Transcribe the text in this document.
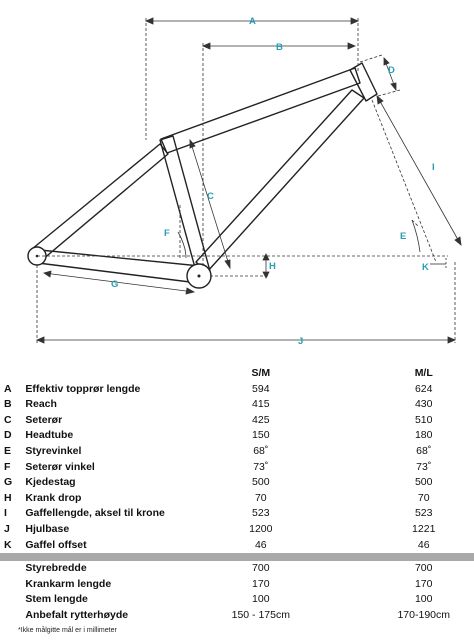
A
B
C
D
E
F
G
H
I
J
K
		S/M		M/L
A	Effektiv topprør lengde	594		624
B	Reach	415		430
C	Seterør	425		510
D	Headtube	150		180
E	Styrevinkel	68˚		68˚
F	Seterør vinkel	73˚		73˚
G	Kjedestag	500		500
H	Krank drop	70		70
I	Gaffellengde, aksel til krone	523		523
J	Hjulbase	1200		1221
K	Gaffel offset	46		46

	Styrebredde	700		700
	Krankarm lengde	170		170
	Stem lengde	100		100
	Anbefalt rytterhøyde	150 - 175cm		170-190cm
*Ikke målgitte mål er i millimeter
